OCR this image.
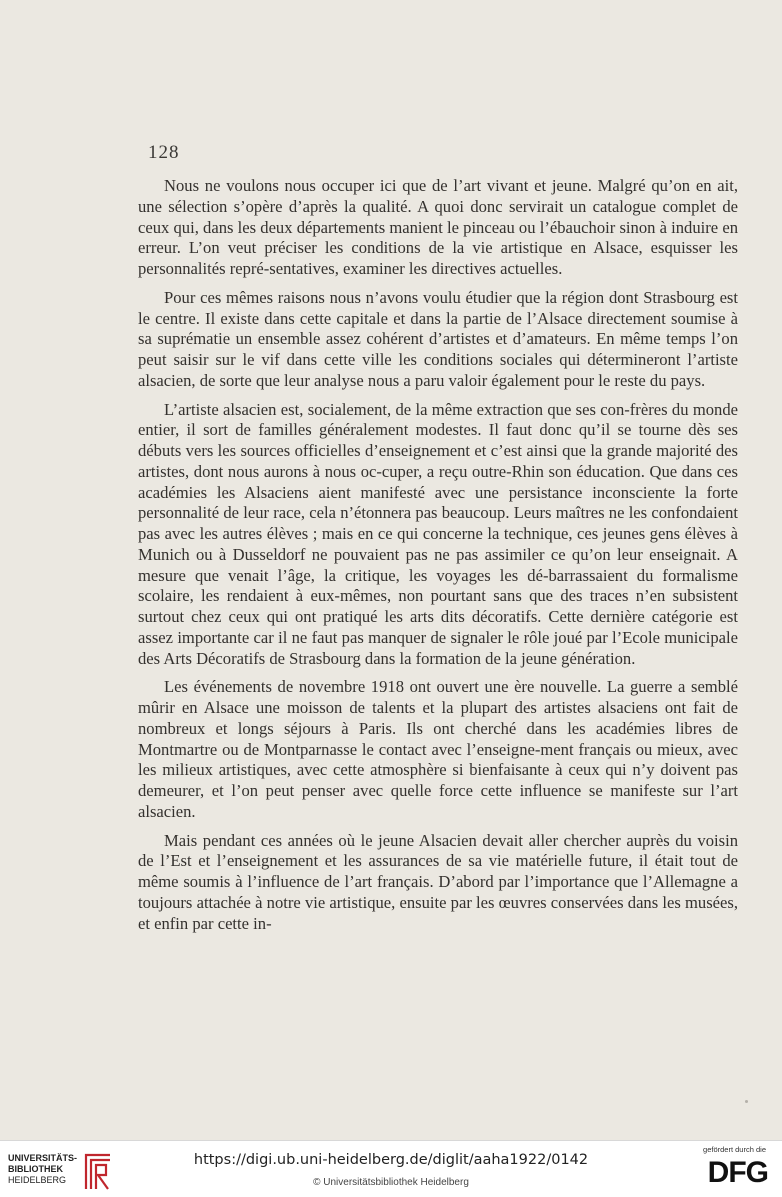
128

Nous ne voulons nous occuper ici que de l’art vivant et jeune. Malgré qu’on en ait, une sélection s’opère d’après la qualité. A quoi donc servirait un catalogue complet de ceux qui, dans les deux départements manient le pinceau ou l’ébauchoir sinon à induire en erreur. L’on veut préciser les conditions de la vie artistique en Alsace, esquisser les personnalités repré-sentatives, examiner les directives actuelles.

Pour ces mêmes raisons nous n’avons voulu étudier que la région dont Strasbourg est le centre. Il existe dans cette capitale et dans la partie de l’Alsace directement soumise à sa suprématie un ensemble assez cohérent d’artistes et d’amateurs. En même temps l’on peut saisir sur le vif dans cette ville les conditions sociales qui détermineront l’artiste alsacien, de sorte que leur analyse nous a paru valoir également pour le reste du pays.

L’artiste alsacien est, socialement, de la même extraction que ses con-frères du monde entier, il sort de familles généralement modestes. Il faut donc qu’il se tourne dès ses débuts vers les sources officielles d’enseignement et c’est ainsi que la grande majorité des artistes, dont nous aurons à nous oc-cuper, a reçu outre-Rhin son éducation. Que dans ces académies les Alsaciens aient manifesté avec une persistance inconsciente la forte personnalité de leur race, cela n’étonnera pas beaucoup. Leurs maîtres ne les confondaient pas avec les autres élèves ; mais en ce qui concerne la technique, ces jeunes gens élèves à Munich ou à Dusseldorf ne pouvaient pas ne pas assimiler ce qu’on leur enseignait. A mesure que venait l’âge, la critique, les voyages les dé-barrassaient du formalisme scolaire, les rendaient à eux-mêmes, non pourtant sans que des traces n’en subsistent surtout chez ceux qui ont pratiqué les arts dits décoratifs. Cette dernière catégorie est assez importante car il ne faut pas manquer de signaler le rôle joué par l’Ecole municipale des Arts Décoratifs de Strasbourg dans la formation de la jeune génération.

Les événements de novembre 1918 ont ouvert une ère nouvelle. La guerre a semblé mûrir en Alsace une moisson de talents et la plupart des artistes alsaciens ont fait de nombreux et longs séjours à Paris. Ils ont cherché dans les académies libres de Montmartre ou de Montparnasse le contact avec l’enseigne-ment français ou mieux, avec les milieux artistiques, avec cette atmosphère si bienfaisante à ceux qui n’y doivent pas demeurer, et l’on peut penser avec quelle force cette influence se manifeste sur l’art alsacien.

Mais pendant ces années où le jeune Alsacien devait aller chercher auprès du voisin de l’Est et l’enseignement et les assurances de sa vie matérielle future, il était tout de même soumis à l’influence de l’art français. D’abord par l’importance que l’Allemagne a toujours attachée à notre vie artistique, ensuite par les œuvres conservées dans les musées, et enfin par cette in-

UNIVERSITÄTS-
BIBLIOTHEK
HEIDELBERG
https://digi.ub.uni-heidelberg.de/diglit/aaha1922/0142
© Universitätsbibliothek Heidelberg
gefördert durch die
DFG
